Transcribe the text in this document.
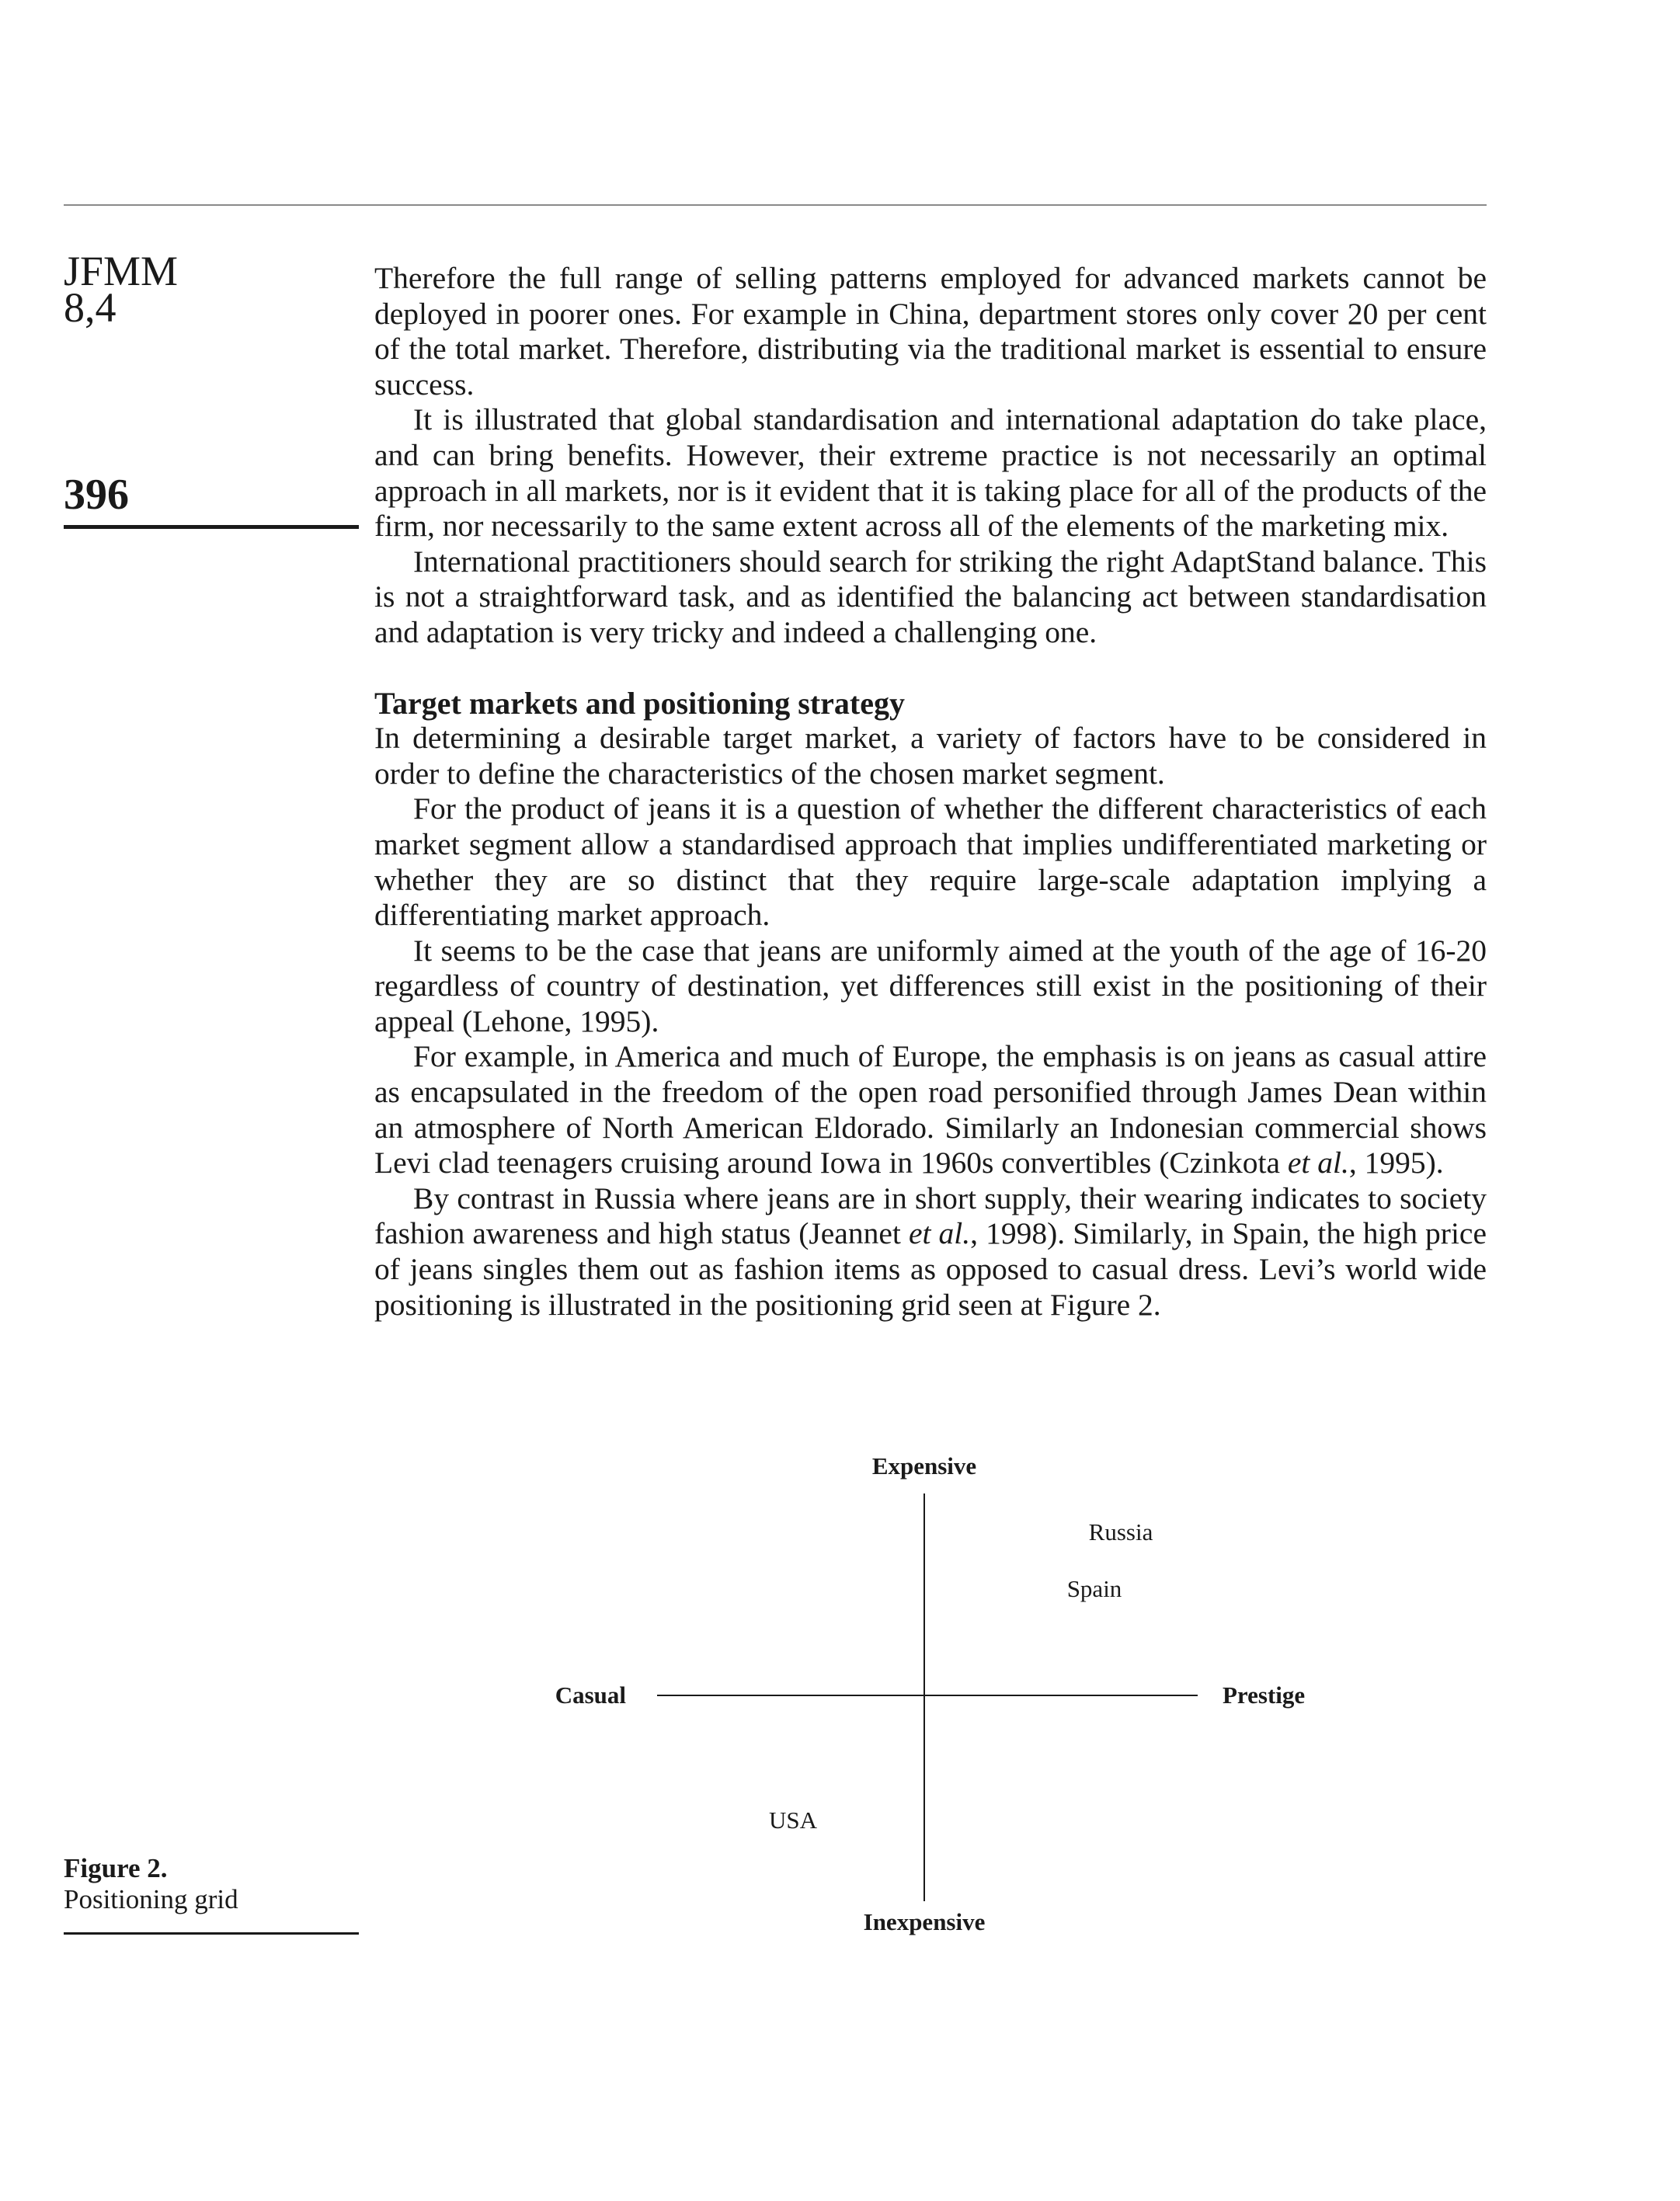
JFMM
8,4
396

Therefore the full range of selling patterns employed for advanced markets cannot be deployed in poorer ones. For example in China, department stores only cover 20 per cent of the total market. Therefore, distributing via the traditional market is essential to ensure success.

It is illustrated that global standardisation and international adaptation do take place, and can bring benefits. However, their extreme practice is not necessarily an optimal approach in all markets, nor is it evident that it is taking place for all of the products of the firm, nor necessarily to the same extent across all of the elements of the marketing mix.

International practitioners should search for striking the right AdaptStand balance. This is not a straightforward task, and as identified the balancing act between standardisation and adaptation is very tricky and indeed a challenging one.

Target markets and positioning strategy

In determining a desirable target market, a variety of factors have to be considered in order to define the characteristics of the chosen market segment.

For the product of jeans it is a question of whether the different characteristics of each market segment allow a standardised approach that implies undifferentiated marketing or whether they are so distinct that they require large-scale adaptation implying a differentiating market approach.

It seems to be the case that jeans are uniformly aimed at the youth of the age of 16-20 regardless of country of destination, yet differences still exist in the positioning of their appeal (Lehone, 1995).

For example, in America and much of Europe, the emphasis is on jeans as casual attire as encapsulated in the freedom of the open road personified through James Dean within an atmosphere of North American Eldorado. Similarly an Indonesian commercial shows Levi clad teenagers cruising around Iowa in 1960s convertibles (Czinkota et al., 1995).

By contrast in Russia where jeans are in short supply, their wearing indicates to society fashion awareness and high status (Jeannet et al., 1998). Similarly, in Spain, the high price of jeans singles them out as fashion items as opposed to casual dress. Levi’s world wide positioning is illustrated in the positioning grid seen at Figure 2.

Expensive
Inexpensive
Casual	Prestige
Russia
Spain
USA
Figure 2.
Positioning grid
